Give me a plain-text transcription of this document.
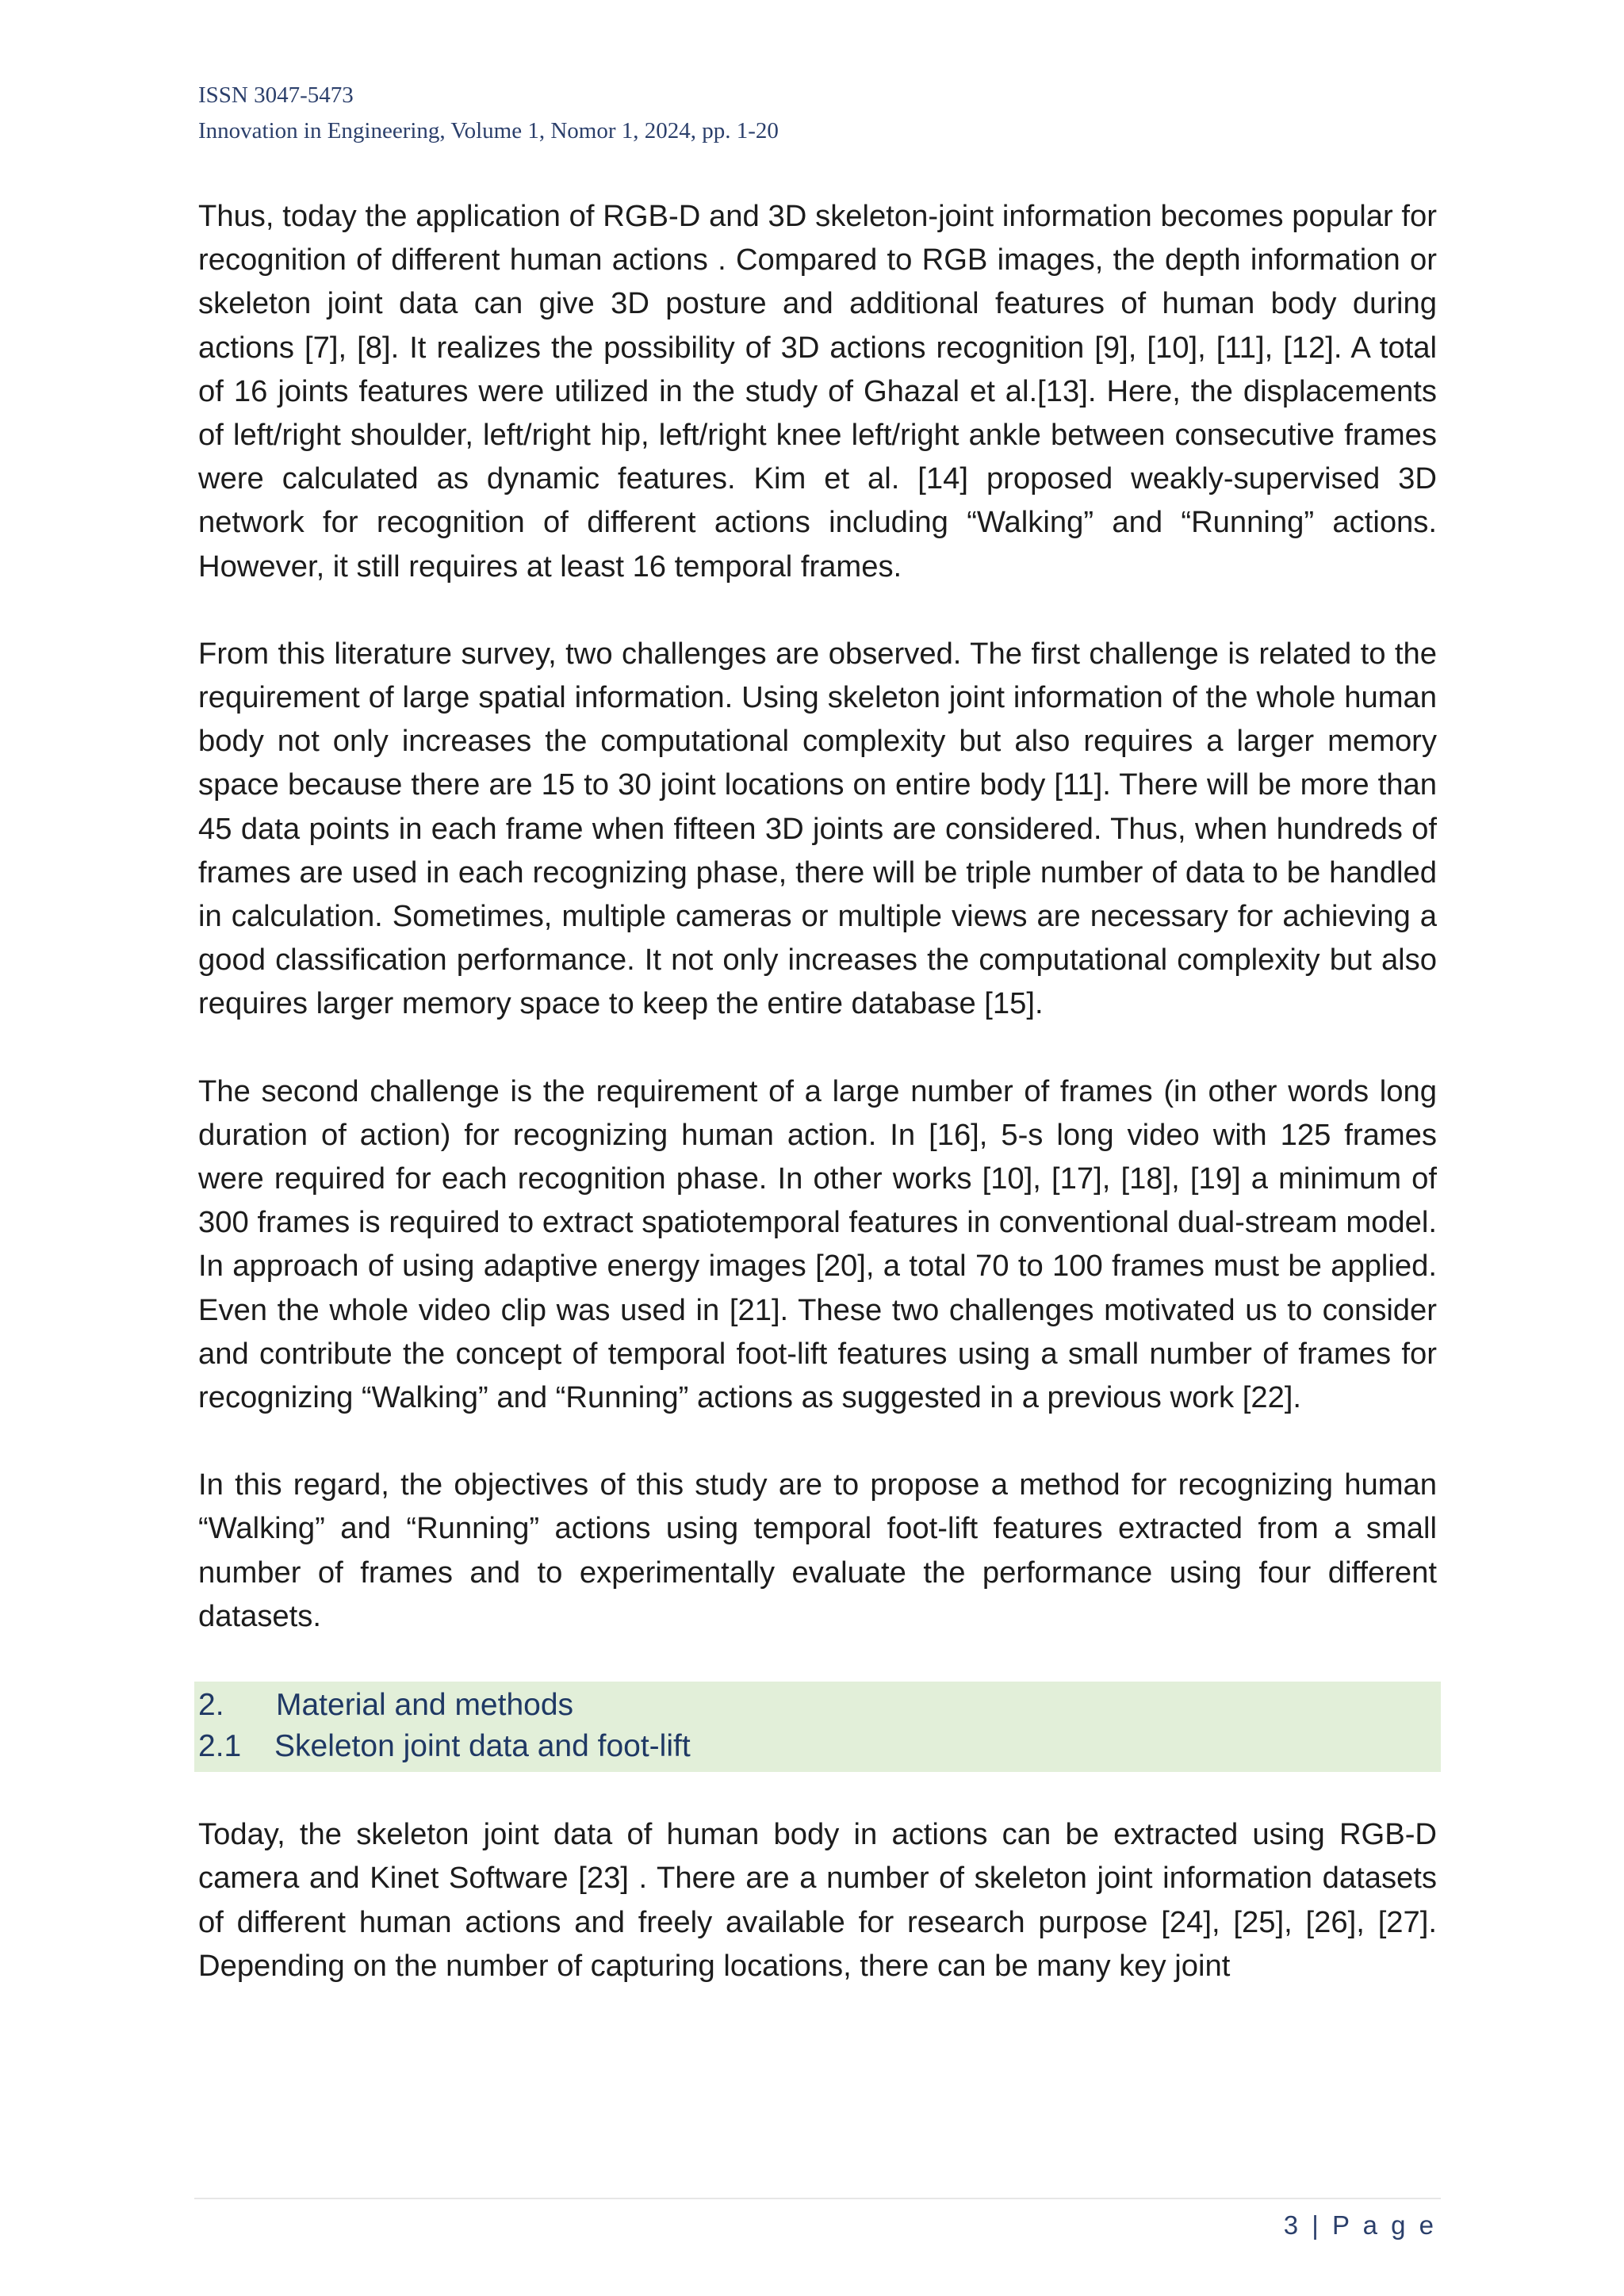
ISSN 3047-5473
Innovation in Engineering, Volume 1, Nomor 1, 2024, pp. 1-20

Thus, today the application of RGB-D and 3D skeleton-joint information becomes popular for recognition of different human actions . Compared to RGB images, the depth information or skeleton joint data can give 3D posture and additional features of human body during actions [7], [8]. It realizes the possibility of 3D actions recognition [9], [10], [11], [12]. A total of 16 joints features were utilized in the study of Ghazal et al.[13]. Here, the displacements of left/right shoulder, left/right hip, left/right knee left/right ankle between consecutive frames were calculated as dynamic features. Kim et al. [14] proposed weakly-supervised 3D network for recognition of different actions including “Walking” and “Running” actions. However, it still requires at least 16 temporal frames.

From this literature survey, two challenges are observed. The first challenge is related to the requirement of large spatial information. Using skeleton joint information of the whole human body not only increases the computational complexity but also requires a larger memory space because there are 15 to 30 joint locations on entire body [11]. There will be more than 45 data points in each frame when fifteen 3D joints are considered. Thus, when hundreds of frames are used in each recognizing phase, there will be triple number of data to be handled in calculation. Sometimes, multiple cameras or multiple views are necessary for achieving a good classification performance. It not only increases the computational complexity but also requires larger memory space to keep the entire database [15].

The second challenge is the requirement of a large number of frames (in other words long duration of action) for recognizing human action. In [16], 5-s long video with 125 frames were required for each recognition phase. In other works [10], [17], [18], [19] a minimum of 300 frames is required to extract spatiotemporal features in conventional dual-stream model. In approach of using adaptive energy images [20], a total 70 to 100 frames must be applied. Even the whole video clip was used in [21]. These two challenges motivated us to consider and contribute the concept of temporal foot-lift features using a small number of frames for recognizing “Walking” and “Running” actions as suggested in a previous work [22].

In this regard, the objectives of this study are to propose a method for recognizing human “Walking” and “Running” actions using temporal foot-lift features extracted from a small number of frames and to experimentally evaluate the performance using four different datasets.

2. Material and methods
2.1 Skeleton joint data and foot-lift

Today, the skeleton joint data of human body in actions can be extracted using RGB-D camera and Kinet Software [23] . There are a number of skeleton joint information datasets of different human actions and freely available for research purpose [24], [25], [26], [27]. Depending on the number of capturing locations, there can be many key joint

3 | P a g e
